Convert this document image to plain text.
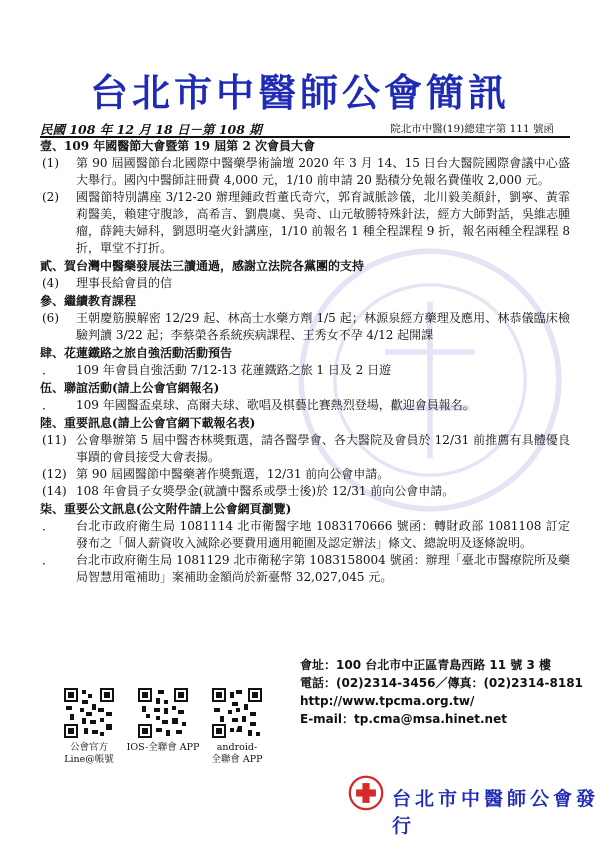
台北市中醫師公會簡訊
民國 108 年 12 月 18 日－第 108 期	院北市中醫(19)總建字第 111 號函
壹、109 年國醫節大會暨第 19 屆第 2 次會員大會
(1)	第 90 屆國醫節台北國際中醫藥學術論壇 2020 年 3 月 14、15 日台大醫院國際會議中心盛大舉行。國內中醫師註冊費 4,000 元，1/10 前申請 20 點積分免報名費僅收 2,000 元。
(2)	國醫節特別講座 3/12-20 辦理鍾政哲董氏奇穴，郭育誠脈診儀，北川毅美顏針，劉寧、黃霏莉醫美，賴建守腹診，高希言、劉農虞、吳奇、山元敏勝特殊針法，經方大師對話，吳維志腫瘤，薛鈍夫婦科，劉恩明毫火針講座，1/10 前報名 1 種全程課程 9 折，報名兩種全程課程 8 折，單堂不打折。
貳、賀台灣中醫藥發展法三讀通過，感謝立法院各黨團的支持
(4)	理事長給會員的信
參、繼續教育課程
(6)	王朝慶筋膜解密 12/29 起、林高士水藥方劑 1/5 起；林源泉經方藥理及應用、林恭儀臨床檢驗判讀 3/22 起；李蔡榮各系統疾病課程、王秀女不孕 4/12 起開課
肆、花蓮鐵路之旅自強活動活動預告
．	109 年會員自強活動 7/12-13 花蓮鐵路之旅 1 日及 2 日遊
伍、聯誼活動(請上公會官網報名)
．	109 年國醫盃桌球、高爾夫球、歌唱及棋藝比賽熱烈登場，歡迎會員報名。
陸、重要訊息(請上公會官網下載報名表)
(11) 公會舉辦第 5 屆中醫杏林獎甄選，請各醫學會、各大醫院及會員於 12/31 前推薦有具體優良事蹟的會員接受大會表揚。
(12) 第 90 屆國醫節中醫藥著作獎甄選，12/31 前向公會申請。
(14) 108 年會員子女獎學金(就讀中醫系或學士後)於 12/31 前向公會申請。
柒、重要公文訊息(公文附件請上公會網頁瀏覽)
．	台北市政府衛生局 1081114 北市衛醫字地 1083170666 號函：轉財政部 1081108 訂定發布之「個人薪資收入減除必要費用適用範圍及認定辦法」條文、總說明及逐條說明。
．	台北市政府衛生局 1081129 北市衛秘字第 1083158004 號函：辦理「臺北市醫療院所及藥局智慧用電補助」案補助金額尚於新臺幣 32,027,045 元。
公會官方
Line@帳號
IOS-全聯會 APP	android-
全聯會 APP
會址：100 台北市中正區青島西路 11 號 3 樓
電話：(02)2314-3456／傳真：(02)2314-8181
http://www.tpcma.org.tw/
E-mail：tp.cma@msa.hinet.net
台北市中醫師公會發行
